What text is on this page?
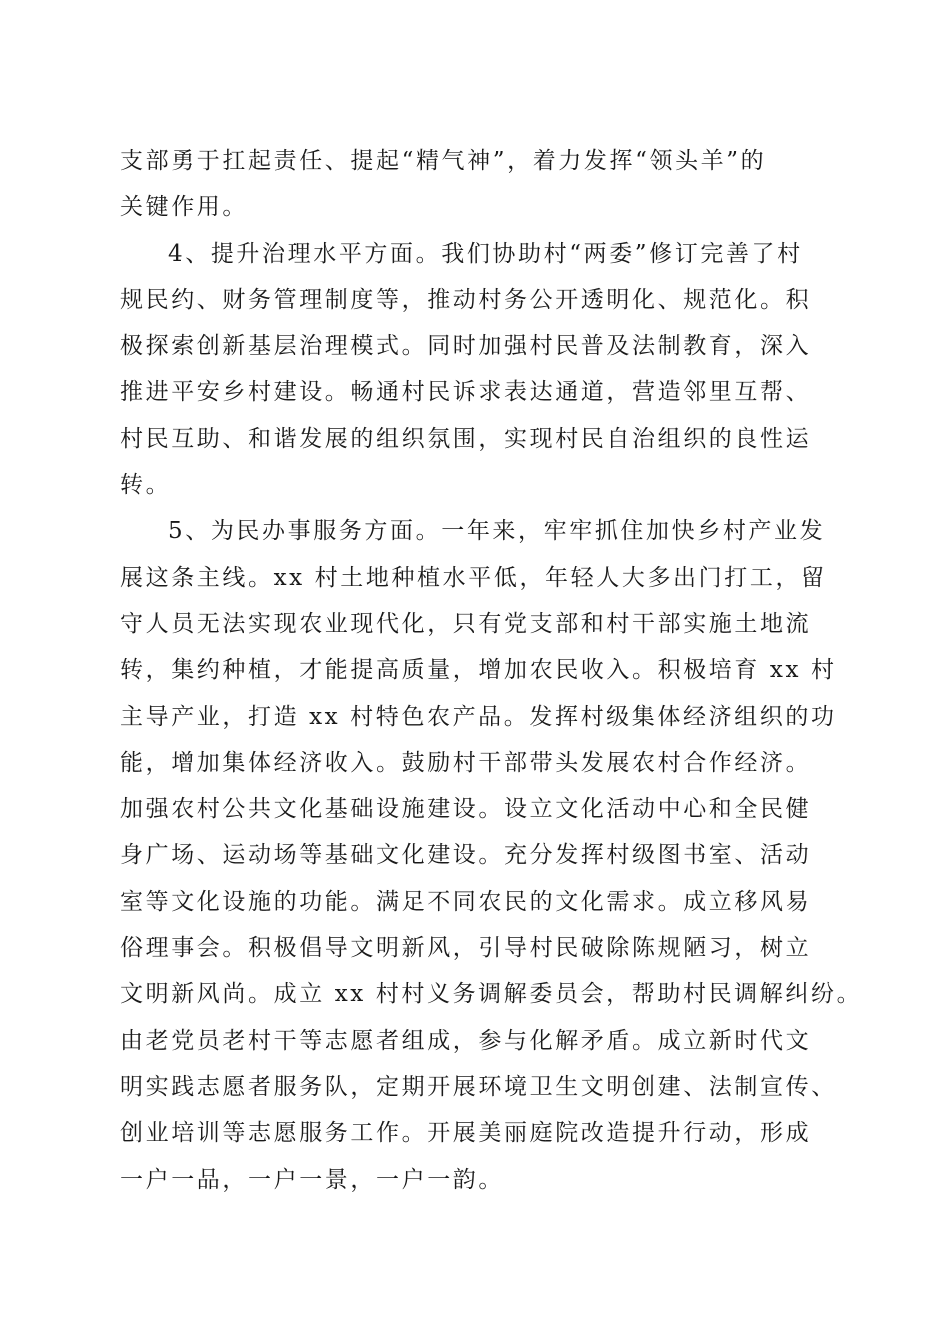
支部勇于扛起责任、提起“精气神”，着力发挥“领头羊”的
关键作用。
4、提升治理水平方面。我们协助村“两委”修订完善了村
规民约、财务管理制度等，推动村务公开透明化、规范化。积
极探索创新基层治理模式。同时加强村民普及法制教育，深入
推进平安乡村建设。畅通村民诉求表达通道，营造邻里互帮、
村民互助、和谐发展的组织氛围，实现村民自治组织的良性运
转。
5、为民办事服务方面。一年来，牢牢抓住加快乡村产业发
展这条主线。xx 村土地种植水平低，年轻人大多出门打工，留
守人员无法实现农业现代化，只有党支部和村干部实施土地流
转，集约种植，才能提高质量，增加农民收入。积极培育 xx 村
主导产业，打造 xx 村特色农产品。发挥村级集体经济组织的功
能，增加集体经济收入。鼓励村干部带头发展农村合作经济。
加强农村公共文化基础设施建设。设立文化活动中心和全民健
身广场、运动场等基础文化建设。充分发挥村级图书室、活动
室等文化设施的功能。满足不同农民的文化需求。成立移风易
俗理事会。积极倡导文明新风，引导村民破除陈规陋习，树立
文明新风尚。成立 xx 村村义务调解委员会，帮助村民调解纠纷。
由老党员老村干等志愿者组成，参与化解矛盾。成立新时代文
明实践志愿者服务队，定期开展环境卫生文明创建、法制宣传、
创业培训等志愿服务工作。开展美丽庭院改造提升行动，形成
一户一品，一户一景，一户一韵。
